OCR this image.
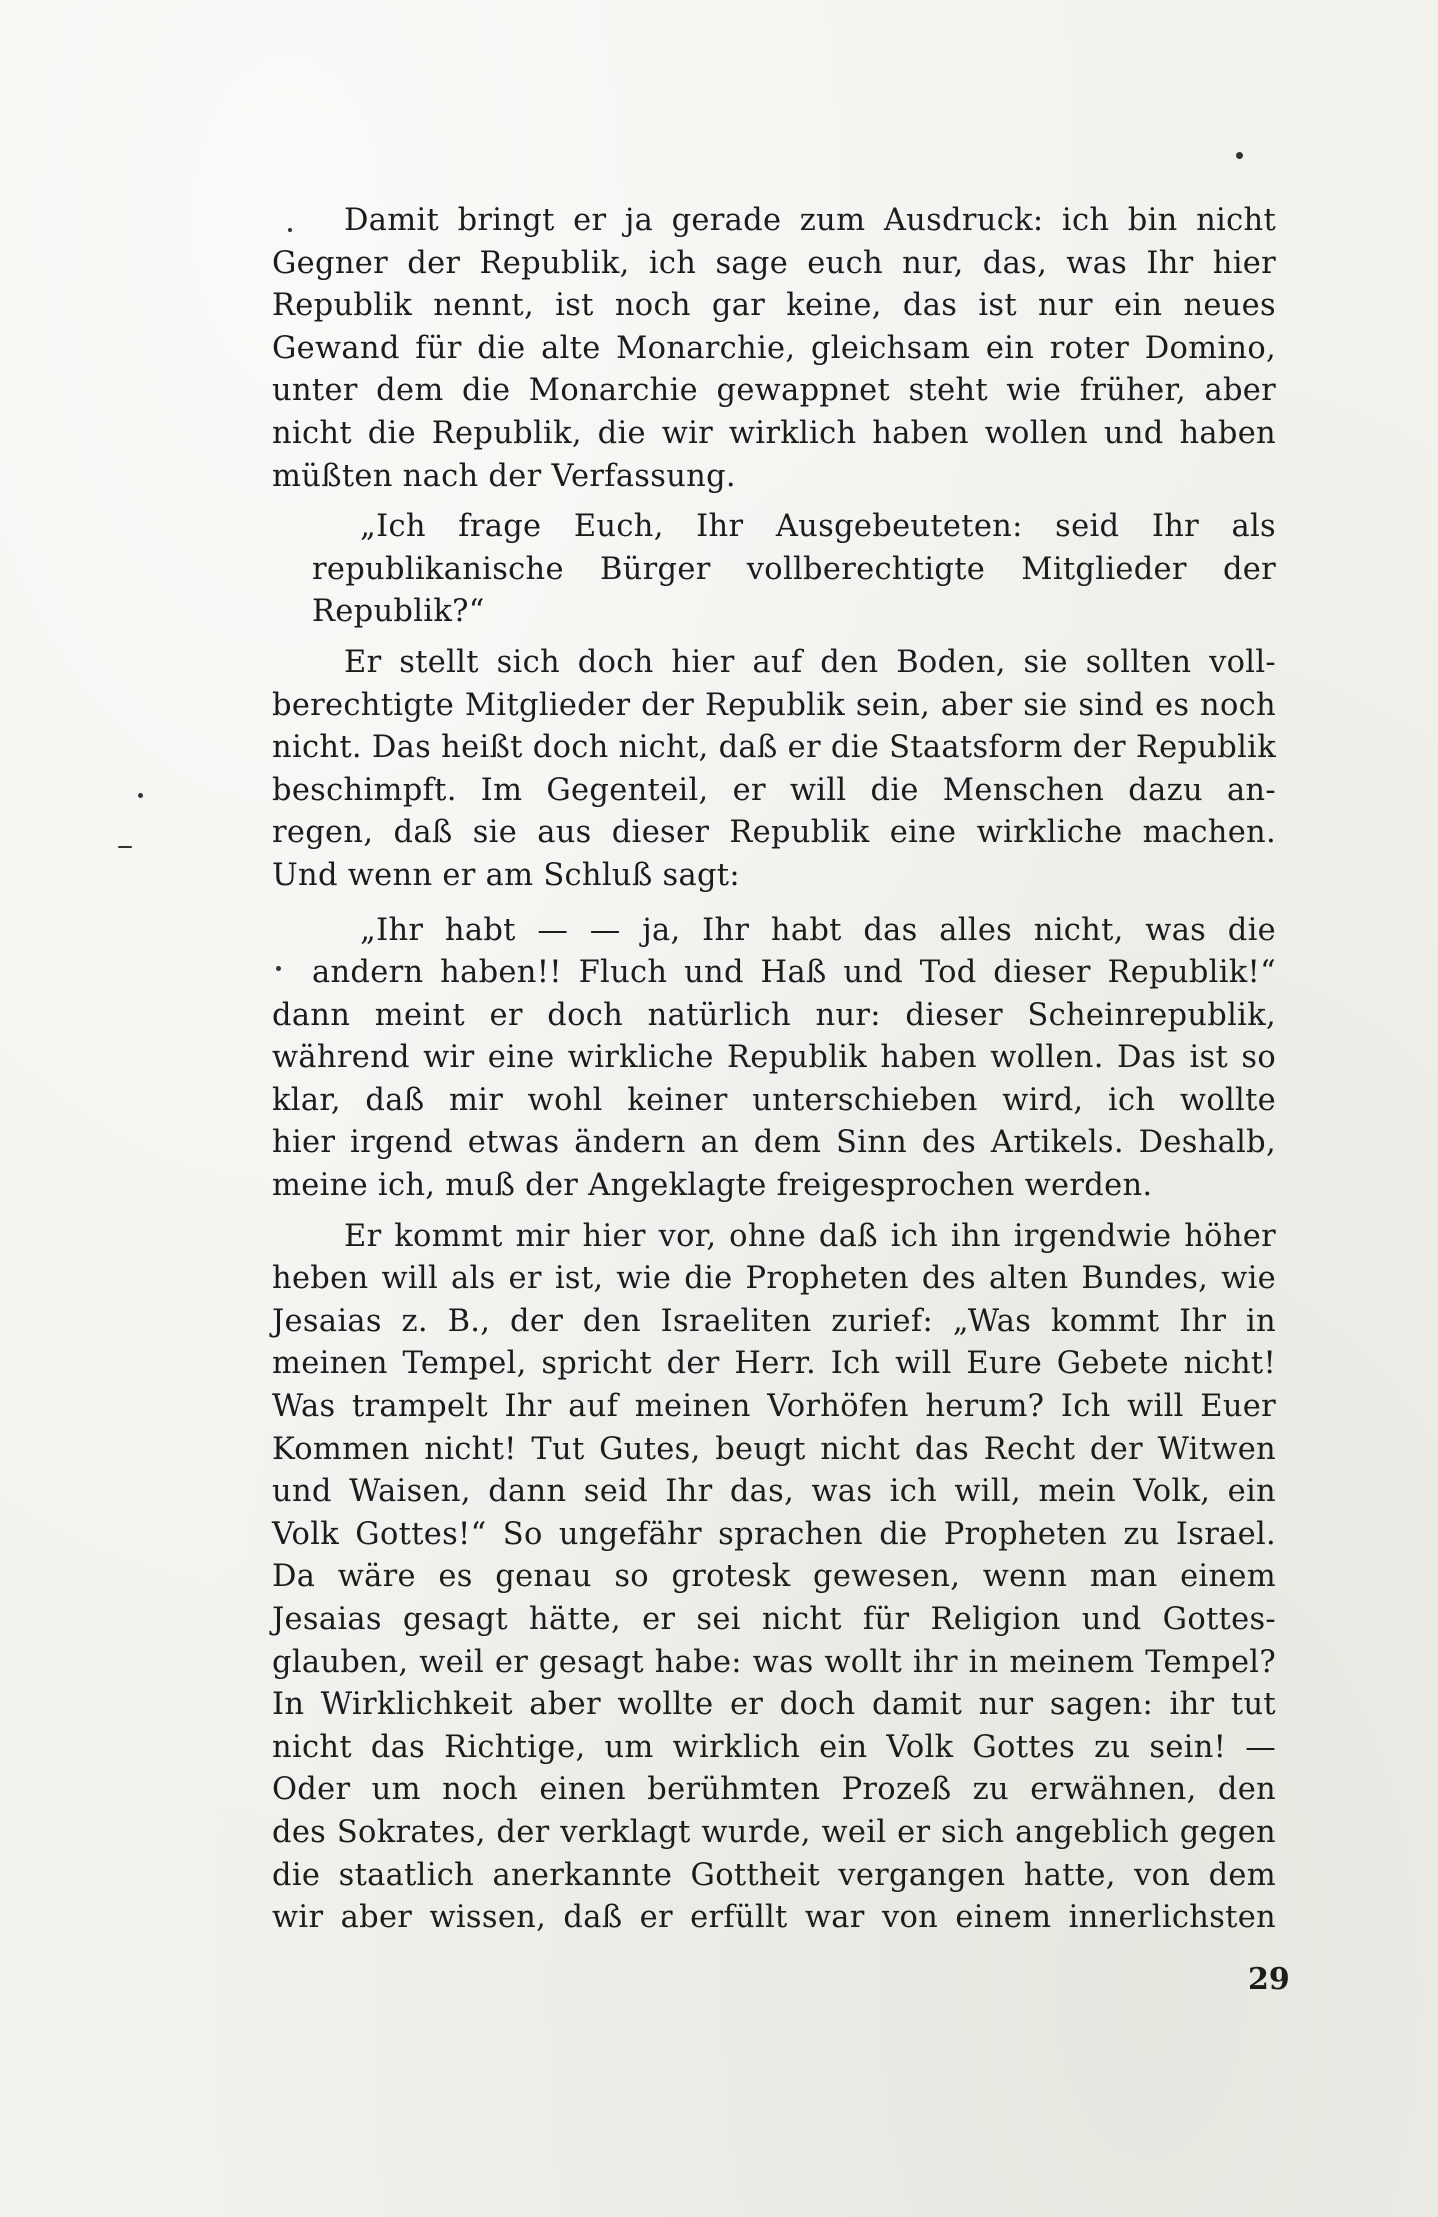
Damit bringt er ja gerade zum Ausdruck: ich bin nicht
Gegner der Republik, ich sage euch nur, das, was Ihr hier
Republik nennt, ist noch gar keine, das ist nur ein neues
Gewand für die alte Monarchie, gleichsam ein roter Domino,
unter dem die Monarchie gewappnet steht wie früher, aber
nicht die Republik, die wir wirklich haben wollen und haben
müßten nach der Verfassung.

„Ich frage Euch, Ihr Ausgebeuteten: seid Ihr als
republikanische Bürger vollberechtigte Mitglieder der
Republik?“

Er stellt sich doch hier auf den Boden, sie sollten voll-
berechtigte Mitglieder der Republik sein, aber sie sind es noch
nicht. Das heißt doch nicht, daß er die Staatsform der Republik
beschimpft. Im Gegenteil, er will die Menschen dazu an-
regen, daß sie aus dieser Republik eine wirkliche machen.
Und wenn er am Schluß sagt:

„Ihr habt — — ja, Ihr habt das alles nicht, was die
andern haben!! Fluch und Haß und Tod dieser Republik!“

dann meint er doch natürlich nur: dieser Scheinrepublik,
während wir eine wirkliche Republik haben wollen. Das ist so
klar, daß mir wohl keiner unterschieben wird, ich wollte
hier irgend etwas ändern an dem Sinn des Artikels. Deshalb,
meine ich, muß der Angeklagte freigesprochen werden.

Er kommt mir hier vor, ohne daß ich ihn irgendwie höher
heben will als er ist, wie die Propheten des alten Bundes, wie
Jesaias z. B., der den Israeliten zurief: „Was kommt Ihr in
meinen Tempel, spricht der Herr. Ich will Eure Gebete nicht!
Was trampelt Ihr auf meinen Vorhöfen herum? Ich will Euer
Kommen nicht! Tut Gutes, beugt nicht das Recht der Witwen
und Waisen, dann seid Ihr das, was ich will, mein Volk, ein
Volk Gottes!“ So ungefähr sprachen die Propheten zu Israel.
Da wäre es genau so grotesk gewesen, wenn man einem
Jesaias gesagt hätte, er sei nicht für Religion und Gottes-
glauben, weil er gesagt habe: was wollt ihr in meinem Tempel?
In Wirklichkeit aber wollte er doch damit nur sagen: ihr tut
nicht das Richtige, um wirklich ein Volk Gottes zu sein! —
Oder um noch einen berühmten Prozeß zu erwähnen, den
des Sokrates, der verklagt wurde, weil er sich angeblich gegen
die staatlich anerkannte Gottheit vergangen hatte, von dem
wir aber wissen, daß er erfüllt war von einem innerlichsten

29
